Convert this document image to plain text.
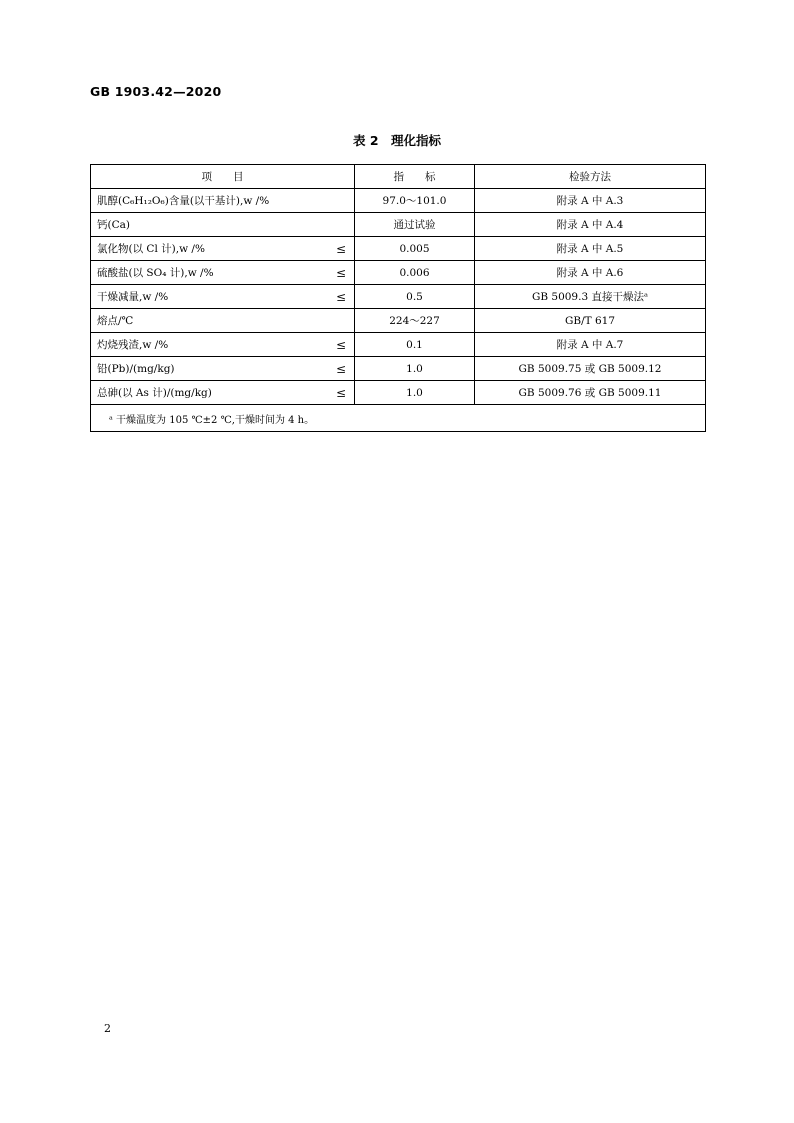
GB 1903.42—2020
表 2　理化指标
项　　目	指　　标	检验方法
肌醇(C₆H₁₂O₆)含量(以干基计),w /%	97.0～101.0	附录 A 中 A.3
钙(Ca)	通过试验	附录 A 中 A.4
氯化物(以 Cl 计),w /% ≤	0.005	附录 A 中 A.5
硫酸盐(以 SO₄ 计),w /% ≤	0.006	附录 A 中 A.6
干燥减量,w /% ≤	0.5	GB 5009.3 直接干燥法ᵃ
熔点/℃	224～227	GB/T 617
灼烧残渣,w /% ≤	0.1	附录 A 中 A.7
铅(Pb)/(mg/kg) ≤	1.0	GB 5009.75 或 GB 5009.12
总砷(以 As 计)/(mg/kg) ≤	1.0	GB 5009.76 或 GB 5009.11
ᵃ 干燥温度为 105 ℃±2 ℃,干燥时间为 4 h。		
2
